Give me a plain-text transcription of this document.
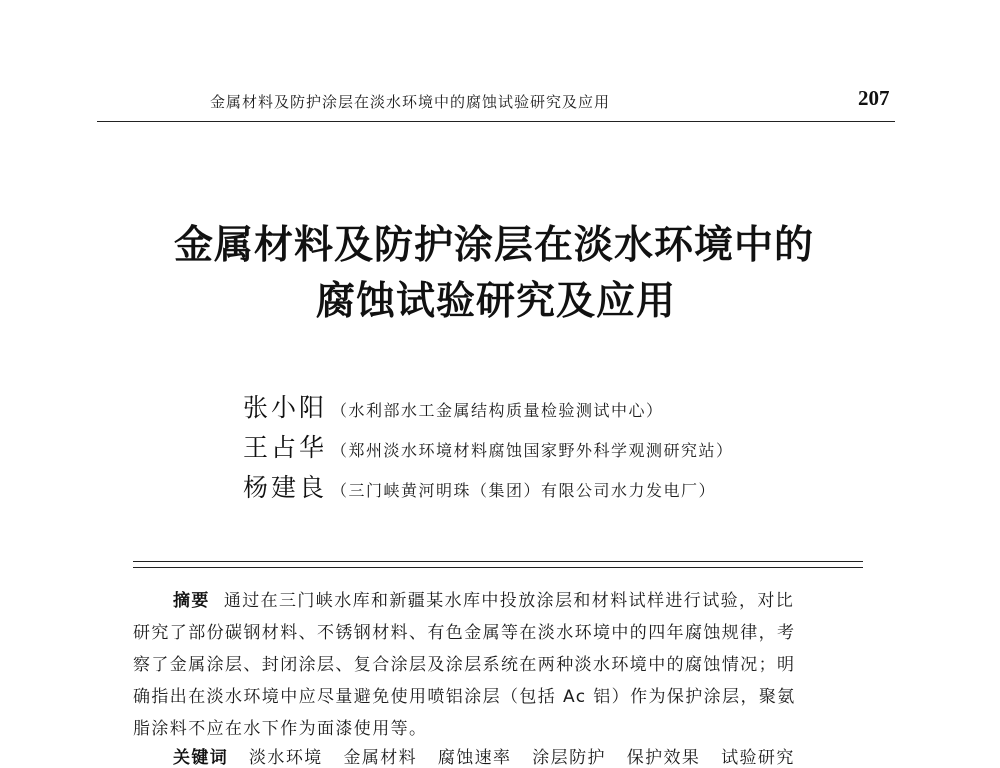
金属材料及防护涂层在淡水环境中的腐蚀试验研究及应用	207
金属材料及防护涂层在淡水环境中的
腐蚀试验研究及应用
张小阳 （水利部水工金属结构质量检验测试中心）
王占华 （郑州淡水环境材料腐蚀国家野外科学观测研究站）
杨建良 （三门峡黄河明珠（集团）有限公司水力发电厂）
摘要 通过在三门峡水库和新疆某水库中投放涂层和材料试样进行试验，对比
研究了部份碳钢材料、不锈钢材料、有色金属等在淡水环境中的四年腐蚀规律，考
察了金属涂层、封闭涂层、复合涂层及涂层系统在两种淡水环境中的腐蚀情况；明
确指出在淡水环境中应尽量避免使用喷铝涂层（包括 Ac 铝）作为保护涂层，聚氨
脂涂料不应在水下作为面漆使用等。
关键词 淡水环境 金属材料 腐蚀速率 涂层防护 保护效果 试验研究
